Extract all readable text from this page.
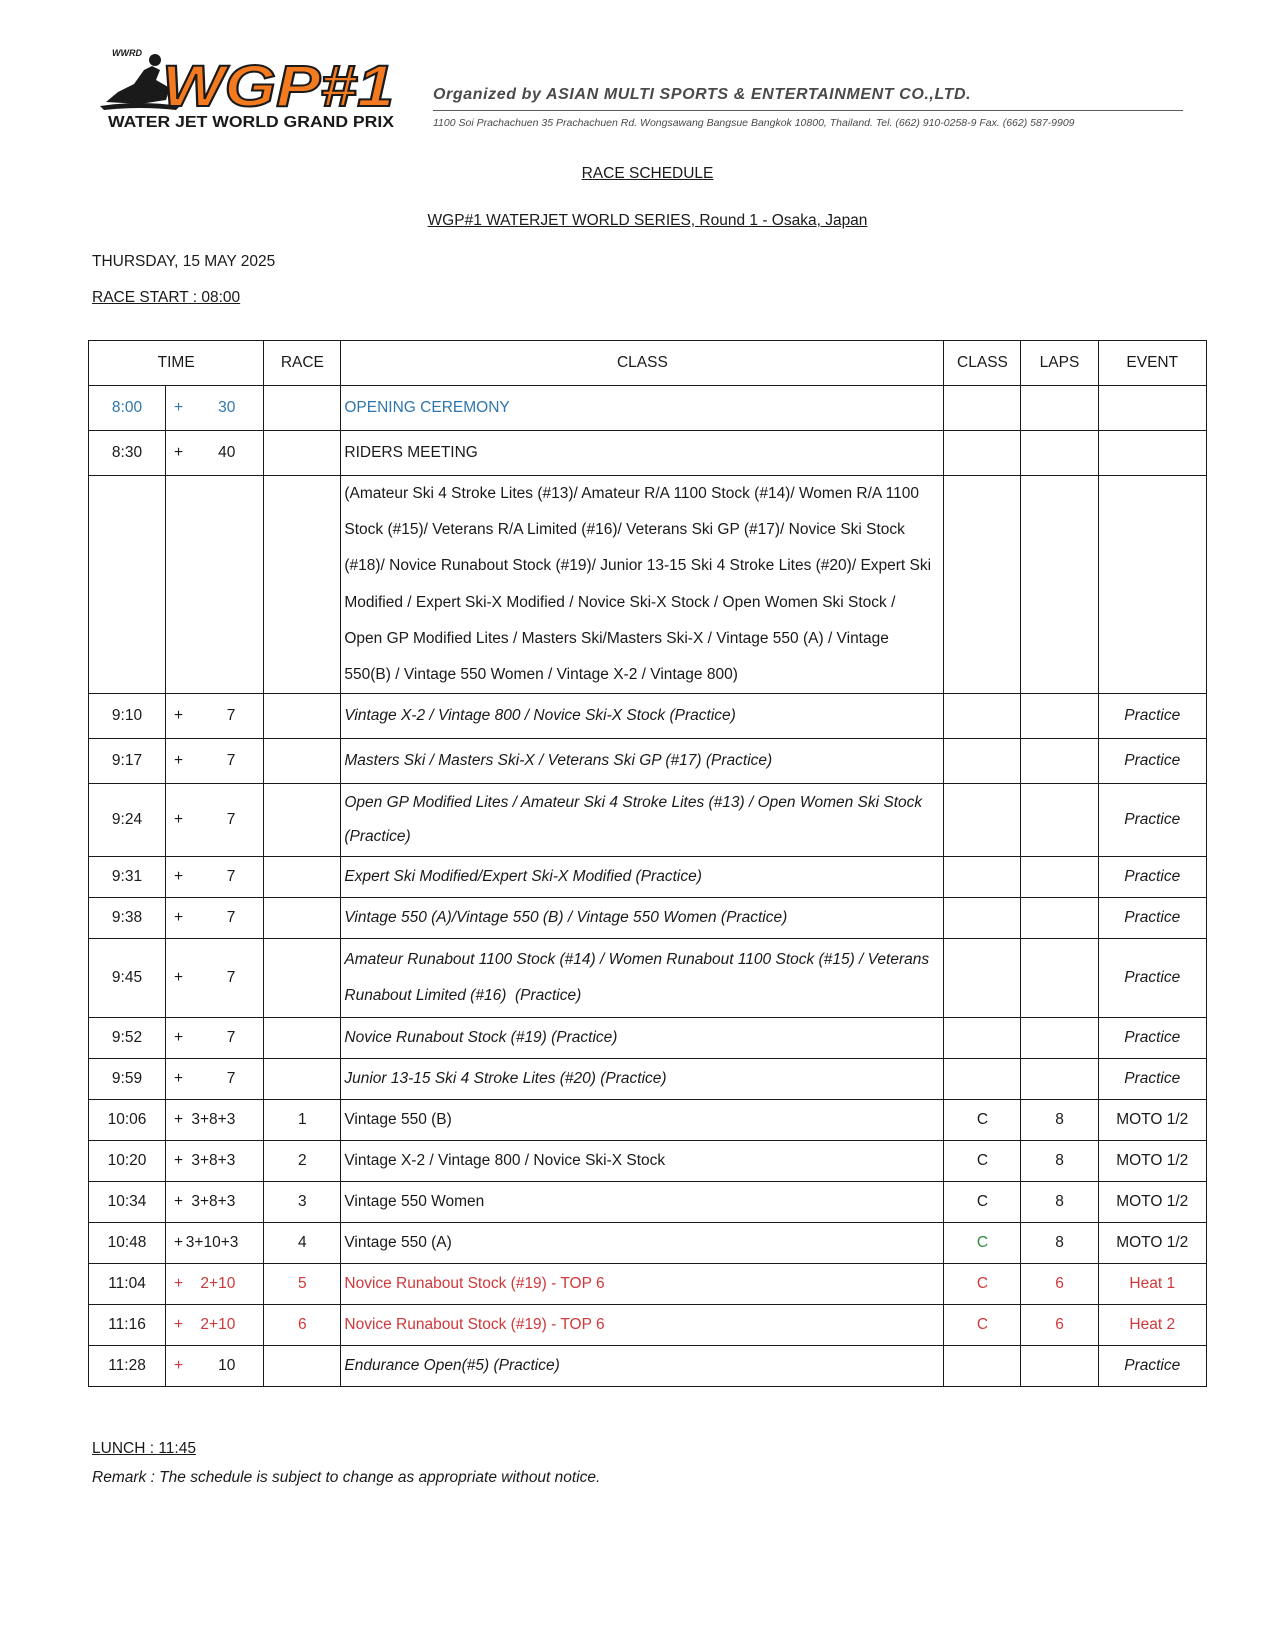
WWRD
WGP#1
WATER JET WORLD GRAND PRIX
Organized by ASIAN MULTI SPORTS & ENTERTAINMENT CO.,LTD.
1100 Soi Prachachuen 35 Prachachuen Rd. Wongsawang Bangsue Bangkok 10800, Thailand. Tel. (662) 910-0258-9 Fax. (662) 587-9909
RACE SCHEDULE
WGP#1 WATERJET WORLD SERIES, Round 1 - Osaka, Japan
THURSDAY, 15 MAY 2025
RACE START : 08:00
TIME			RACE	CLASS	CLASS	LAPS	EVENT
8:00	+	30		OPENING CEREMONY			
8:30	+	40		RIDERS MEETING			
				(Amateur Ski 4 Stroke Lites (#13)/ Amateur R/A 1100 Stock (#14)/ Women R/A 1100 Stock (#15)/ Veterans R/A Limited (#16)/ Veterans Ski GP (#17)/ Novice Ski Stock (#18)/ Novice Runabout Stock (#19)/ Junior 13-15 Ski 4 Stroke Lites (#20)/ Expert Ski Modified / Expert Ski-X Modified / Novice Ski-X Stock / Open Women Ski Stock / Open GP Modified Lites / Masters Ski/Masters Ski-X / Vintage 550 (A) / Vintage 550(B) / Vintage 550 Women / Vintage X-2 / Vintage 800)			
9:10	+	7		Vintage X-2 / Vintage 800 / Novice Ski-X Stock (Practice)			Practice
9:17	+	7		Masters Ski / Masters Ski-X / Veterans Ski GP (#17) (Practice)			Practice
9:24	+	7		Open GP Modified Lites / Amateur Ski 4 Stroke Lites (#13) / Open Women Ski Stock (Practice)			Practice
9:31	+	7		Expert Ski Modified/Expert Ski-X Modified (Practice)			Practice
9:38	+	7		Vintage 550 (A)/Vintage 550 (B) / Vintage 550 Women (Practice)			Practice
9:45	+	7		Amateur Runabout 1100 Stock (#14) / Women Runabout 1100 Stock (#15) / Veterans Runabout Limited (#16)  (Practice)			Practice
9:52	+	7		Novice Runabout Stock (#19) (Practice)			Practice
9:59	+	7		Junior 13-15 Ski 4 Stroke Lites (#20) (Practice)			Practice
10:06	+	3+8+3	1	Vintage 550 (B)	C	8	MOTO 1/2
10:20	+	3+8+3	2	Vintage X-2 / Vintage 800 / Novice Ski-X Stock	C	8	MOTO 1/2
10:34	+	3+8+3	3	Vintage 550 Women	C	8	MOTO 1/2
10:48	+	3+10+3	4	Vintage 550 (A)	C	8	MOTO 1/2
11:04	+	2+10	5	Novice Runabout Stock (#19) - TOP 6	C	6	Heat 1
11:16	+	2+10	6	Novice Runabout Stock (#19) - TOP 6	C	6	Heat 2
11:28	+	10		Endurance Open(#5) (Practice)			Practice
LUNCH : 11:45
Remark : The schedule is subject to change as appropriate without notice.
